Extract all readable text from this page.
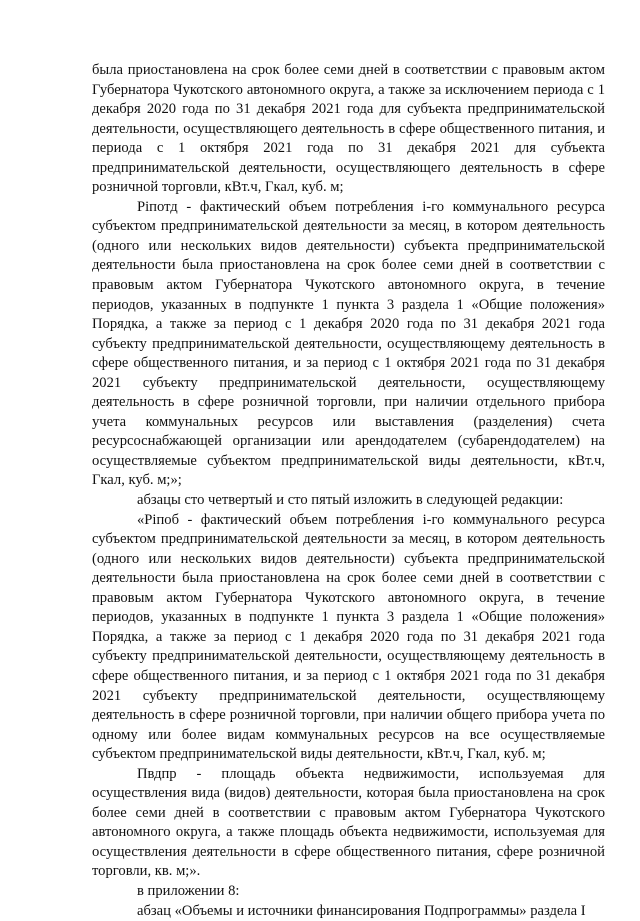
была приостановлена на срок более семи дней в соответствии с правовым актом Губернатора Чукотского автономного округа, а также за исключением периода с 1 декабря 2020 года по 31 декабря 2021 года для субъекта предпринимательской деятельности, осуществляющего деятельность в сфере общественного питания, и периода с 1 октября 2021 года по 31 декабря 2021 для субъекта предпринимательской деятельности, осуществляющего деятельность в сфере розничной торговли, кВт.ч, Гкал, куб. м;

Piпотд - фактический объем потребления i-го коммунального ресурса субъектом предпринимательской деятельности за месяц, в котором деятельность (одного или нескольких видов деятельности) субъекта предпринимательской деятельности была приостановлена на срок более семи дней в соответствии с правовым актом Губернатора Чукотского автономного округа, в течение периодов, указанных в подпункте 1 пункта 3 раздела 1 «Общие положения» Порядка, а также за период с 1 декабря 2020 года по 31 декабря 2021 года субъекту предпринимательской деятельности, осуществляющему деятельность в сфере общественного питания, и за период с 1 октября 2021 года по 31 декабря 2021 субъекту предпринимательской деятельности, осуществляющему деятельность в сфере розничной торговли, при наличии отдельного прибора учета коммунальных ресурсов или выставления (разделения) счета ресурсоснабжающей организации или арендодателем (субарендодателем) на осуществляемые субъектом предпринимательской виды деятельности, кВт.ч, Гкал, куб. м;»;

абзацы сто четвертый и сто пятый изложить в следующей редакции:

«Piпоб - фактический объем потребления i-го коммунального ресурса субъектом предпринимательской деятельности за месяц, в котором деятельность (одного или нескольких видов деятельности) субъекта предпринимательской деятельности была приостановлена на срок более семи дней в соответствии с правовым актом Губернатора Чукотского автономного округа, в течение периодов, указанных в подпункте 1 пункта 3 раздела 1 «Общие положения» Порядка, а также за период с 1 декабря 2020 года по 31 декабря 2021 года субъекту предпринимательской деятельности, осуществляющему деятельность в сфере общественного питания, и за период с 1 октября 2021 года по 31 декабря 2021 субъекту предпринимательской деятельности, осуществляющему деятельность в сфере розничной торговли, при наличии общего прибора учета по одному или более видам коммунальных ресурсов на все осуществляемые субъектом предпринимательской виды деятельности, кВт.ч, Гкал, куб. м;

Пвдпр - площадь объекта недвижимости, используемая для осуществления вида (видов) деятельности, которая была приостановлена на срок более семи дней в соответствии с правовым актом Губернатора Чукотского автономного округа, а также площадь объекта недвижимости, используемая для осуществления деятельности в сфере общественного питания, сфере розничной торговли, кв. м;».

в приложении 8:

абзац «Объемы и источники финансирования Подпрограммы» раздела I
